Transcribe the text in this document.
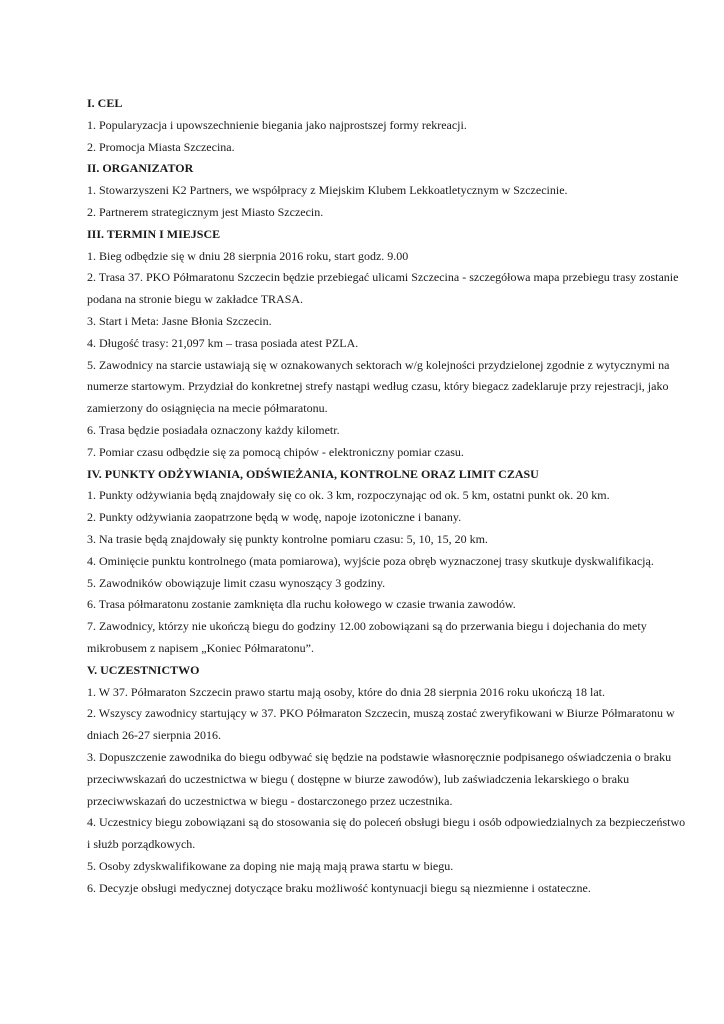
I. CEL
1. Popularyzacja i upowszechnienie biegania jako najprostszej formy rekreacji.
2. Promocja Miasta Szczecina.
II. ORGANIZATOR
1. Stowarzyszeni K2 Partners, we współpracy z Miejskim Klubem Lekkoatletycznym w Szczecinie.
2. Partnerem strategicznym jest Miasto Szczecin.
III. TERMIN I MIEJSCE
1. Bieg odbędzie się w dniu 28 sierpnia 2016 roku, start godz. 9.00
2. Trasa 37. PKO Półmaratonu Szczecin będzie przebiegać ulicami Szczecina - szczegółowa mapa przebiegu trasy zostanie podana na stronie biegu w zakładce TRASA.
3. Start i Meta: Jasne Błonia Szczecin.
4. Długość trasy: 21,097 km – trasa posiada atest PZLA.
5. Zawodnicy na starcie ustawiają się w oznakowanych sektorach w/g kolejności przydzielonej zgodnie z wytycznymi na numerze startowym. Przydział do konkretnej strefy nastąpi według czasu, który biegacz zadeklaruje przy rejestracji, jako zamierzony do osiągnięcia na mecie półmaratonu.
6. Trasa będzie posiadała oznaczony każdy kilometr.
7. Pomiar czasu odbędzie się za pomocą chipów - elektroniczny pomiar czasu.
IV. PUNKTY ODŻYWIANIA, ODŚWIEŻANIA, KONTROLNE ORAZ LIMIT CZASU
1. Punkty odżywiania będą znajdowały się co ok. 3 km, rozpoczynając od ok. 5 km, ostatni punkt ok. 20 km.
2. Punkty odżywiania zaopatrzone będą w wodę, napoje izotoniczne i banany.
3. Na trasie będą znajdowały się punkty kontrolne pomiaru czasu: 5, 10, 15, 20 km.
4. Ominięcie punktu kontrolnego (mata pomiarowa), wyjście poza obręb wyznaczonej trasy skutkuje dyskwalifikacją.
5. Zawodników obowiązuje limit czasu wynoszący 3 godziny.
6. Trasa półmaratonu zostanie zamknięta dla ruchu kołowego w czasie trwania zawodów.
7. Zawodnicy, którzy nie ukończą biegu do godziny 12.00 zobowiązani są do przerwania biegu i dojechania do mety mikrobusem z napisem „Koniec Półmaratonu”.
V. UCZESTNICTWO
1. W 37. Półmaraton Szczecin prawo startu mają osoby, które do dnia 28 sierpnia 2016 roku ukończą 18 lat.
2. Wszyscy zawodnicy startujący w 37. PKO Półmaraton Szczecin, muszą zostać zweryfikowani w Biurze Półmaratonu w dniach 26-27 sierpnia 2016.
3. Dopuszczenie zawodnika do biegu odbywać się będzie na podstawie własnoręcznie podpisanego oświadczenia o braku przeciwwskazań do uczestnictwa w biegu ( dostępne w biurze zawodów), lub zaświadczenia lekarskiego o braku przeciwwskazań do uczestnictwa w biegu - dostarczonego przez uczestnika.
4. Uczestnicy biegu zobowiązani są do stosowania się do poleceń obsługi biegu i osób odpowiedzialnych za bezpieczeństwo i służb porządkowych.
5. Osoby zdyskwalifikowane za doping nie mają mają prawa startu w biegu.
6. Decyzje obsługi medycznej dotyczące braku możliwość kontynuacji biegu są niezmienne i ostateczne.
